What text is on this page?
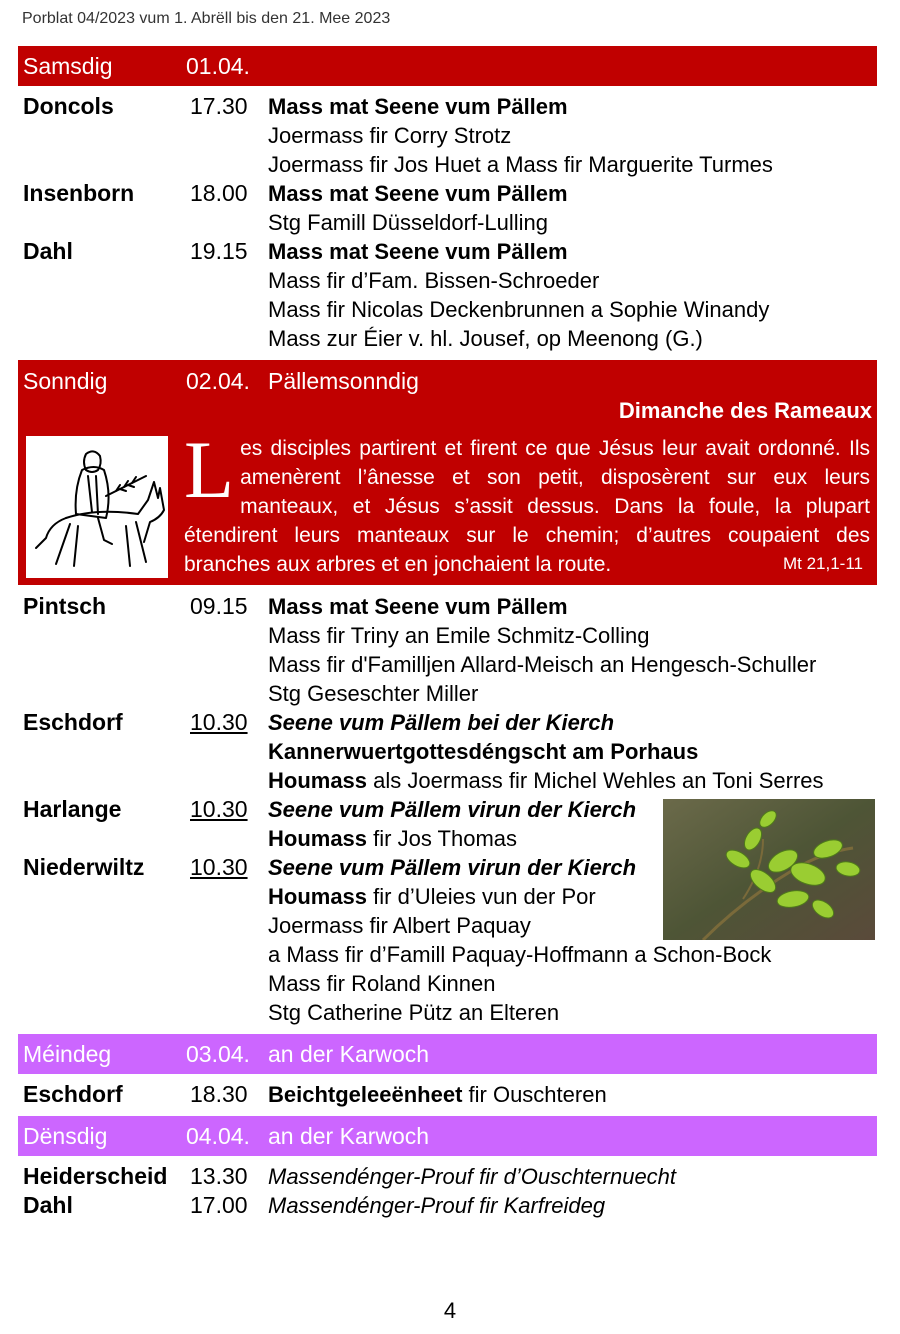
Porblat 04/2023 vum 1. Abrëll bis den 21. Mee 2023
Samsdig	01.04.
Doncols	17.30 Mass mat Seene vum Pällem
Joermass fir Corry Strotz
Joermass fir Jos Huet a Mass fir Marguerite Turmes
Insenborn 18.00 Mass mat Seene vum Pällem
Stg Famill Düsseldorf-Lulling
Dahl	19.15 Mass mat Seene vum Pällem
Mass fir d’Fam. Bissen-Schroeder
Mass fir Nicolas Deckenbrunnen a Sophie Winandy
Mass zur Éier v. hl. Jousef, op Meenong (G.)
Sonndig	02.04. Pällemsonndig
Dimanche des Rameaux
Les disciples partirent et firent ce que Jésus leur avait ordonné. Ils amenèrent l’ânesse et son petit, disposèrent sur eux leurs manteaux, et Jésus s’assit dessus. Dans la foule, la plupart étendirent leurs manteaux sur le chemin; d’autres coupaient des branches aux arbres et en jonchaient la route.	Mt 21,1-11
Pintsch	09.15 Mass mat Seene vum Pällem
Mass fir Triny an Emile Schmitz-Colling
Mass fir d'Familljen Allard-Meisch an Hengesch-Schuller
Stg Geseschter Miller
Eschdorf	10.30 Seene vum Pällem bei der Kierch
Kannerwuertgottesdéngscht am Porhaus
Houmass als Joermass fir Michel Wehles an Toni Serres
Harlange	10.30 Seene vum Pällem virun der Kierch
Houmass fir Jos Thomas
Niederwiltz 10.30 Seene vum Pällem virun der Kierch
Houmass fir d’Uleies vun der Por
Joermass fir Albert Paquay
a Mass fir d’Famill Paquay-Hoffmann a Schon-Bock
Mass fir Roland Kinnen
Stg Catherine Pütz an Elteren
Méindeg	03.04. an der Karwoch
Eschdorf	18.30 Beichtgeleeënheet fir Ouschteren
Dënsdig	04.04. an der Karwoch
Heiderscheid 13.30 Massendénger-Prouf fir d’Ouschternuecht
Dahl	17.00 Massendénger-Prouf fir Karfreideg
4
